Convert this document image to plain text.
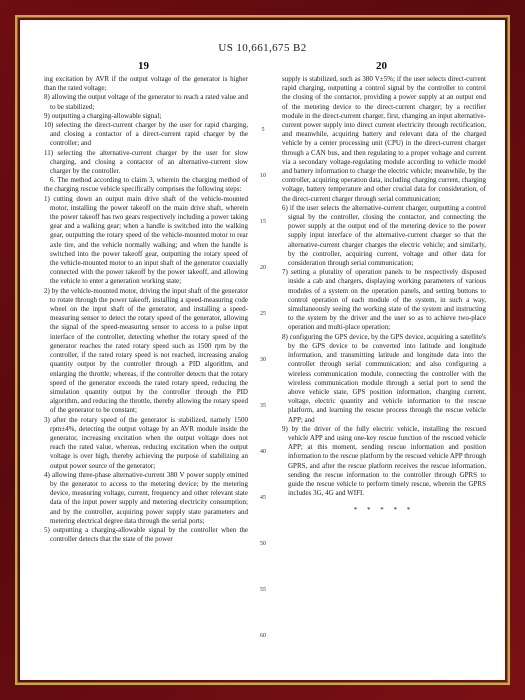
US 10,661,675 B2
19	20

ing excitation by AVR if the output voltage of the generator is higher than the rated voltage;

8) allowing the output voltage of the generator to reach a rated value and to be stabilized;

9) outputting a charging-allowable signal;

10) selecting the direct-current charger by the user for rapid charging, and closing a contactor of a direct-current rapid charger by the controller; and

11) selecting the alternative-current charger by the user for slow charging, and closing a contactor of an alternative-current slow charger by the controller.

6. The method according to claim 3, wherein the charging method of the charging rescue vehicle specifically comprises the following steps:

1) cutting down an output main drive shaft of the vehicle-mounted motor, installing the power takeoff on the main drive shaft, wherein the power takeoff has two gears respectively including a power taking gear and a walking gear; when a handle is switched into the walking gear, outputting the rotary speed of the vehicle-mounted motor to rear axle tire, and the vehicle normally walking; and when the handle is switched into the power takeoff gear, outputting the rotary speed of the vehicle-mounted motor to an input shaft of the generator coaxially connected with the power takeoff by the power takeoff, and allowing the vehicle to enter a generation working state;

2) by the vehicle-mounted motor, driving the input shaft of the generator to rotate through the power takeoff, installing a speed-measuring code wheel on the input shaft of the generator, and installing a speed-measuring sensor to detect the rotary speed of the generator, allowing the signal of the speed-measuring sensor to access to a pulse input interface of the controller, detecting whether the rotary speed of the generator reaches the rated rotary speed such as 1500 rpm by the controller, if the rated rotary speed is not reached, increasing analog quantity output by the controller through a PID algorithm, and enlarging the throttle; whereas, if the controller detects that the rotary speed of the generator exceeds the rated rotary speed, reducing the simulation quantity output by the controller through the PID algorithm, and reducing the throttle, thereby allowing the rotary speed of the generator to be constant;

3) after the rotary speed of the generator is stabilized, namely 1500 rpm±4%, detecting the output voltage by an AVR module inside the generator, increasing excitation when the output voltage does not reach the rated value, whereas, reducing excitation when the output voltage is over high, thereby achieving the purpose of stabilizing an output power source of the generator;

4) allowing three-phase alternative-current 380 V power supply emitted by the generator to access to the metering device; by the metering device, measuring voltage, current, frequency and other relevant state data of the input power supply and metering electricity consumption; and by the controller, acquiring power supply state parameters and metering electrical degree data through the serial ports;

5) outputting a charging-allowable signal by the controller when the controller detects that the state of the power

5
10
15
20
25
30
35
40
45
50
55
60

supply is stabilized, such as 380 V±5%; if the user selects direct-current rapid charging, outputting a control signal by the controller to control the closing of the contactor, providing a power supply at an output end of the metering device to the direct-current charger; by a rectifier module in the direct-current charger, first, changing an input alternative-current power supply into direct current electricity through rectification, and meanwhile, acquiring battery and relevant data of the charged vehicle by a center processing unit (CPU) in the direct-current charger through a CAN bus, and then regulating to a proper voltage and current via a secondary voltage-regulating module according to vehicle model and battery information to charge the electric vehicle; meanwhile, by the controller, acquiring operation data, including charging current, charging voltage, battery temperature and other crucial data for consideration, of the direct-current charger through serial communication;

6) if the user selects the alternative-current charger, outputting a control signal by the controller, closing the contactor, and connecting the power supply at the output end of the metering device to the power supply input interface of the alternative-current charger so that the alternative-current charger charges the electric vehicle; and similarly, by the controller, acquiring current, voltage and other data for consideration through serial communication;

7) setting a plurality of operation panels to be respectively disposed inside a cab and chargers, displaying working parameters of various modules of a system on the operation panels, and setting buttons to control operation of each module of the system, in such a way, simultaneously seeing the working state of the system and instructing to the system by the driver and the user so as to achieve two-place operation and multi-place operation;

8) configuring the GPS device, by the GPS device, acquiring a satellite's by the GPS device to be converted into latitude and longitude information, and transmitting latitude and longitude data into the controller through serial communication; and also configuring a wireless communication module, connecting the controller with the wireless communication module through a serial port to send the above vehicle state, GPS position information, charging current, voltage, electric quantity and vehicle information to the rescue platform, and learning the rescue process through the rescue vehicle APP; and

9) by the driver of the fully electric vehicle, installing the rescued vehicle APP and using one-key rescue function of the rescued vehicle APP; at this moment, sending rescue information and position information to the rescue platform by the rescued vehicle APP through GPRS, and after the rescue platform receives the rescue information, sending the rescue information to the controller through GPRS to guide the rescue vehicle to perform timely rescue, wherein the GPRS includes 3G, 4G and WIFI.

* * * * *
